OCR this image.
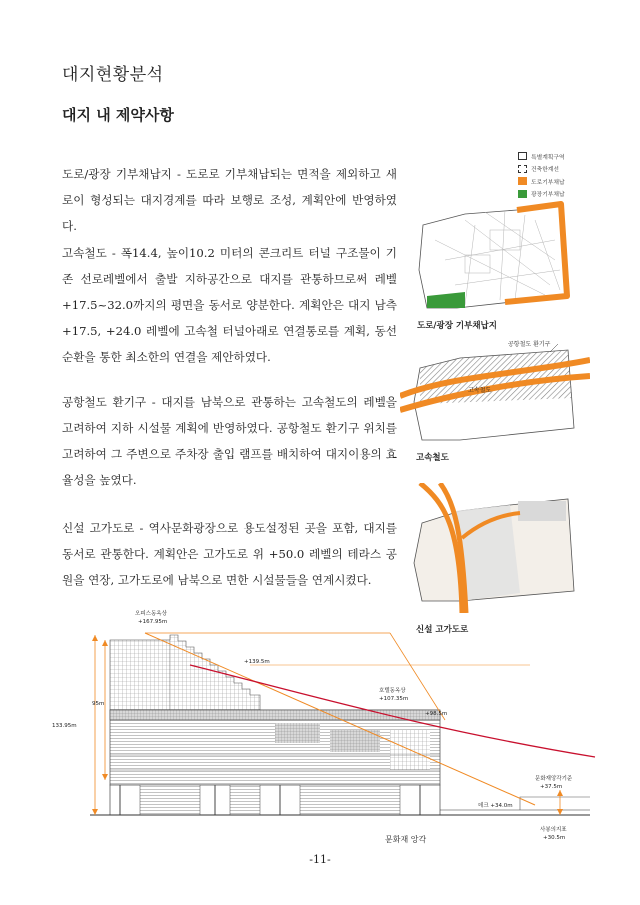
대지현황분석
대지 내 제약사항
도로/광장 기부채납지 - 도로로 기부채납되는 면적을 제외하고 새로이 형성되는 대지경계를 따라 보행로 조성, 계획안에 반영하였다.
고속철도 - 폭14.4, 높이10.2 미터의 콘크리트 터널 구조물이 기존 선로레벨에서 출발 지하공간으로 대지를 관통하므로써 레벨 +17.5~32.0까지의 평면을 동서로 양분한다. 계획안은 대지 남측 +17.5, +24.0 레벨에 고속철 터널아래로 연결통로를 계획, 동선순환을 통한 최소한의 연결을 제안하였다.
공항철도 환기구 - 대지를 남북으로 관통하는 고속철도의 레벨을 고려하여 지하 시설물 계획에 반영하였다. 공항철도 환기구 위치를 고려하여 그 주변으로 주차장 출입 램프를 배치하여 대지이용의 효율성을 높였다.
신설 고가도로 - 역사문화광장으로 용도설정된 곳을 포함, 대지를 동서로 관통한다. 계획안은 고가도로 위 +50.0 레벨의 테라스 공원을 연장, 고가도로에 남북으로 면한 시설물들을 연계시켰다.
특별계획구역
건축한계선
도로기부채납
광장기부채납
도로/광장 기부채납지
공항철도 환기구
고속철도
고속철도
신설 고가도로
오피스동옥상
+167.95m
+139.5m
호텔동옥상
+107.35m
+98.5m
95m
133.95m
데크 +34.0m
문화재앙각기준
+37.5m
사봉의지표
+30.5m
문화재 앙각
-11-
